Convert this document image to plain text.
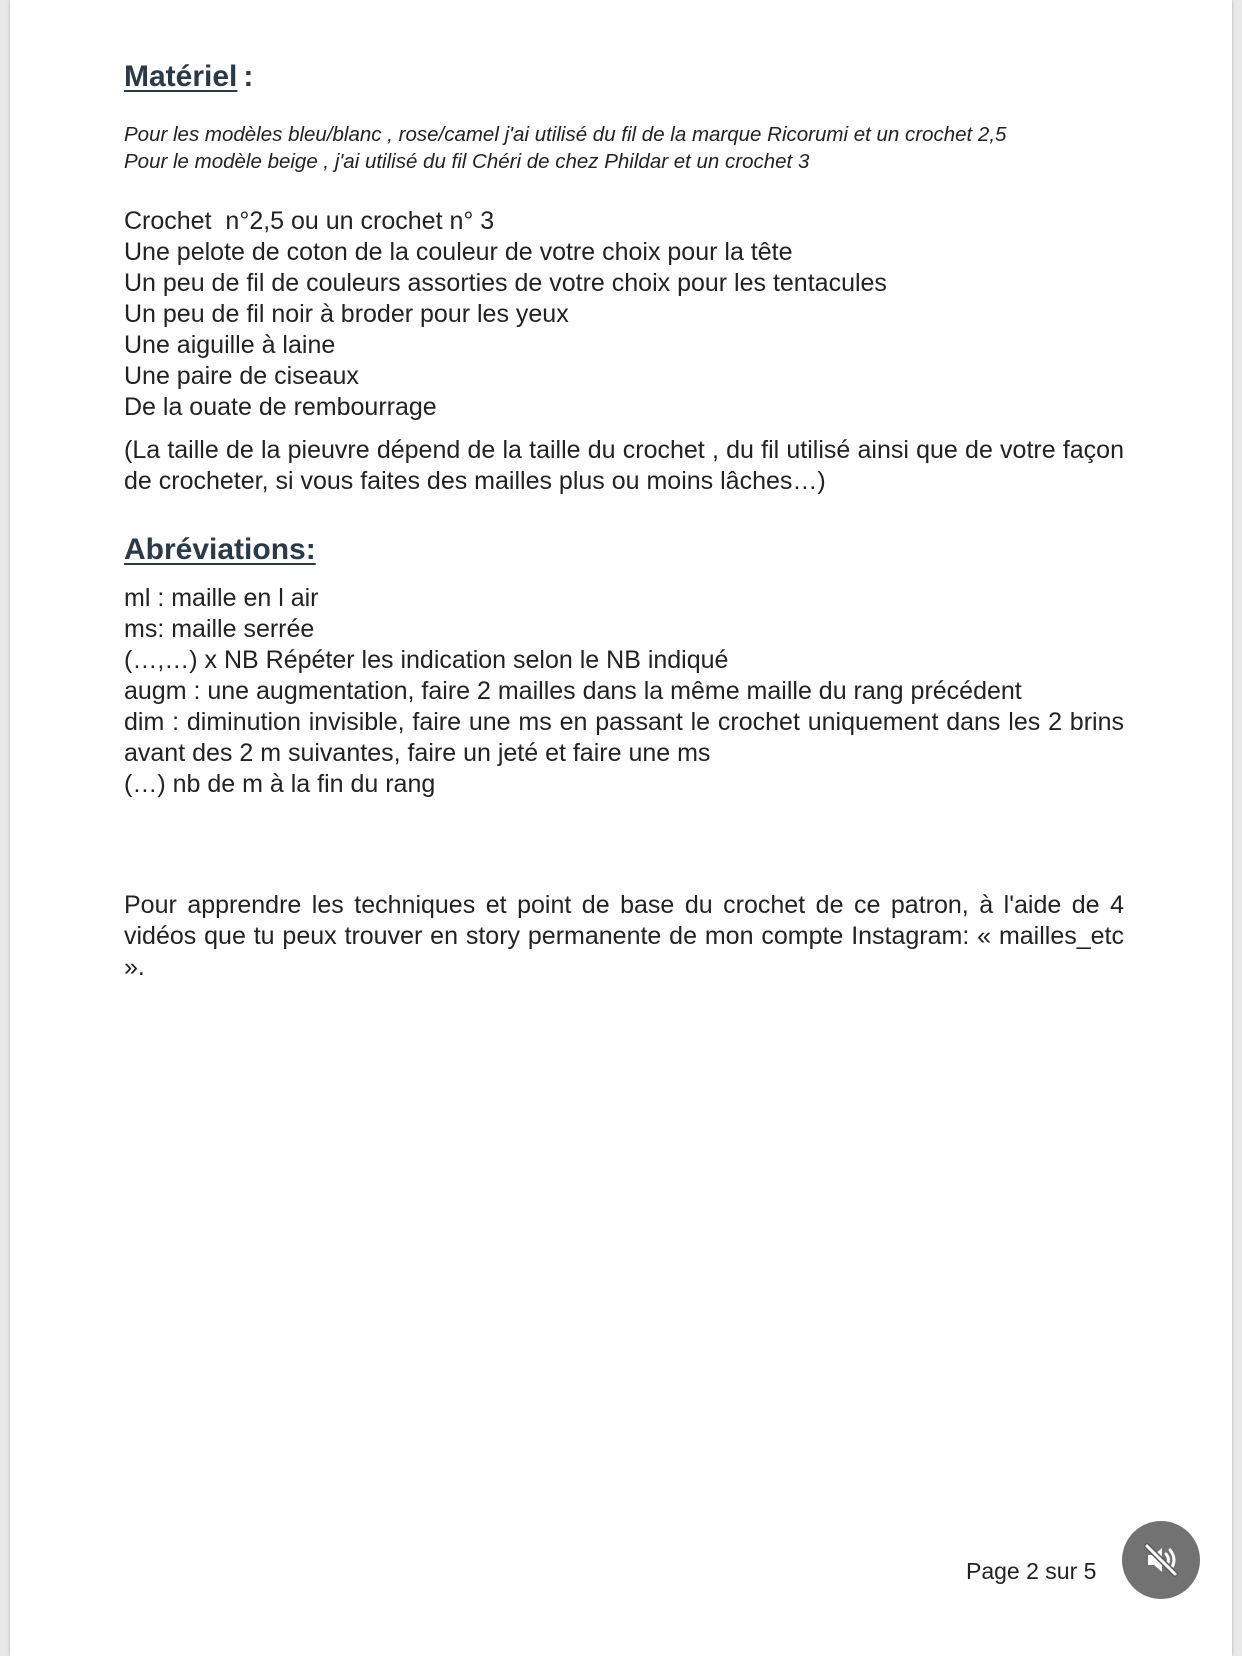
Matériel :
Pour les modèles bleu/blanc , rose/camel j'ai utilisé du fil de la marque Ricorumi et un crochet 2,5
Pour le modèle beige , j'ai utilisé du fil Chéri de chez Phildar et un crochet 3
Crochet  n°2,5 ou un crochet n° 3
Une pelote de coton de la couleur de votre choix pour la tête
Un peu de fil de couleurs assorties de votre choix pour les tentacules
Un peu de fil noir à broder pour les yeux
Une aiguille à laine
Une paire de ciseaux
De la ouate de rembourrage
(La taille de la pieuvre dépend de la taille du crochet , du fil utilisé ainsi que de votre façon de crocheter, si vous faites des mailles plus ou moins lâches…)
Abréviations:
ml : maille en l air
ms: maille serrée
(…,…) x NB Répéter les indication selon le NB indiqué
augm : une augmentation, faire 2 mailles dans la même maille du rang précédent
dim : diminution invisible, faire une ms en passant le crochet uniquement dans les 2 brins avant des 2 m suivantes, faire un jeté et faire une ms
(…) nb de m à la fin du rang
Pour apprendre les techniques et point de base du crochet de ce patron, à l'aide de 4 vidéos que tu peux trouver en story permanente de mon compte Instagram: « mailles_etc ».
Page 2 sur 5
